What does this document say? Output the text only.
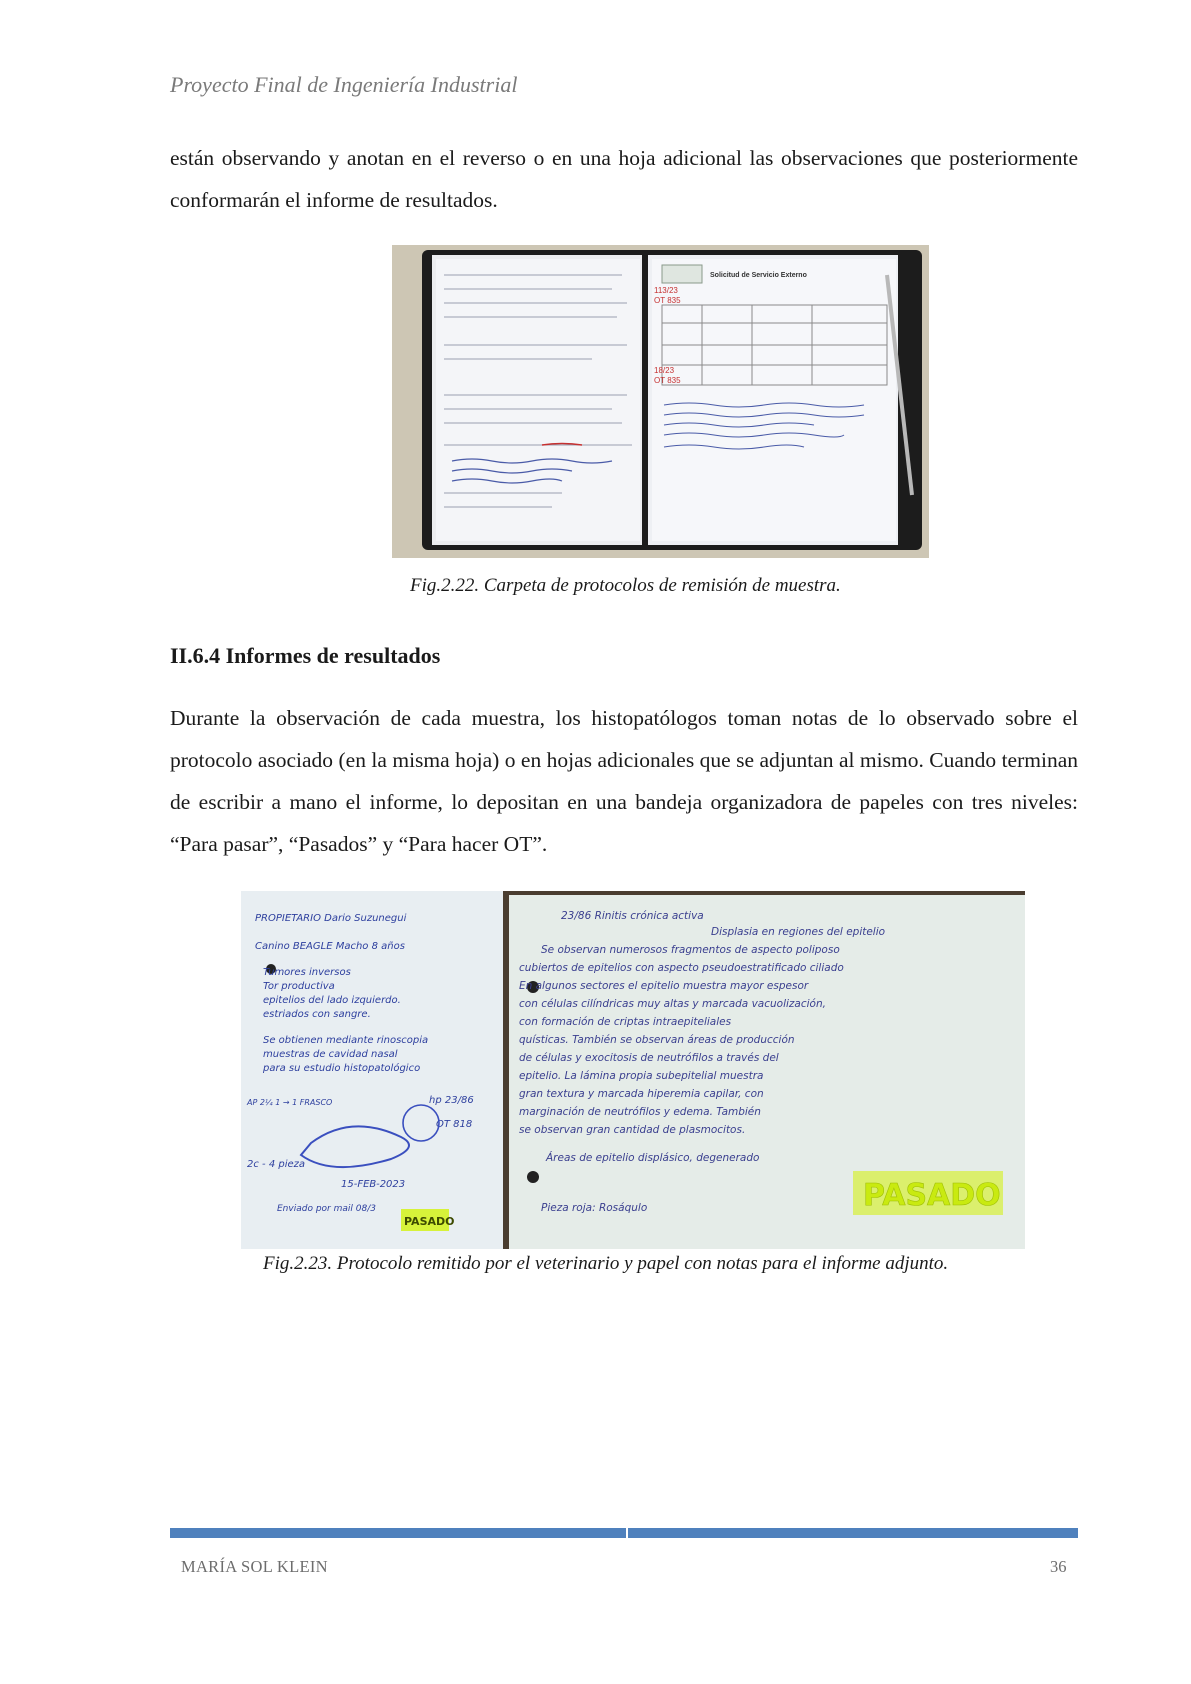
Proyecto Final de Ingeniería Industrial
están observando y anotan en el reverso o en una hoja adicional las observaciones que posteriormente conformarán el informe de resultados.
Solicitud de Servicio Externo
113/23
OT 835
18/23
OT 835
Fig.2.22. Carpeta de protocolos de remisión de muestra.
II.6.4 Informes de resultados
Durante la observación de cada muestra, los histopatólogos toman notas de lo observado sobre el protocolo asociado (en la misma hoja) o en hojas adicionales que se adjuntan al mismo. Cuando terminan de escribir a mano el informe, lo depositan en una bandeja organizadora de papeles con tres niveles: “Para pasar”, “Pasados” y “Para hacer OT”.
PROPIETARIO Dario Suzunegui
Canino BEAGLE Macho 8 años
Tumores inversos
Tor productiva
epitelios del lado izquierdo.
estriados con sangre.
Se obtienen mediante rinoscopia
muestras de cavidad nasal
para su estudio histopatológico
AP 2¼ 1 → 1 FRASCO	hp 23/86
OT 818
2c - 4 pieza
15-FEB-2023
Enviado por mail 08/3
PASADO
23/86 Rinitis crónica activa
Displasia en regiones del epitelio
Se observan numerosos fragmentos de aspecto poliposo
cubiertos de epitelios con aspecto pseudoestratificado ciliado
En algunos sectores el epitelio muestra mayor espesor
con células cilíndricas muy altas y marcada vacuolización,
con formación de criptas intraepiteliales
quísticas. También se observan áreas de producción
de células y exocitosis de neutrófilos a través del
epitelio. La lámina propia subepitelial muestra
gran textura y marcada hiperemia capilar, con
marginación de neutrófilos y edema. También
se observan gran cantidad de plasmocitos.
Áreas de epitelio displásico, degenerado
Pieza roja: Rosáqulo	PASADO
Fig.2.23. Protocolo remitido por el veterinario y papel con notas para el informe adjunto.
MARÍA SOL KLEIN	36
